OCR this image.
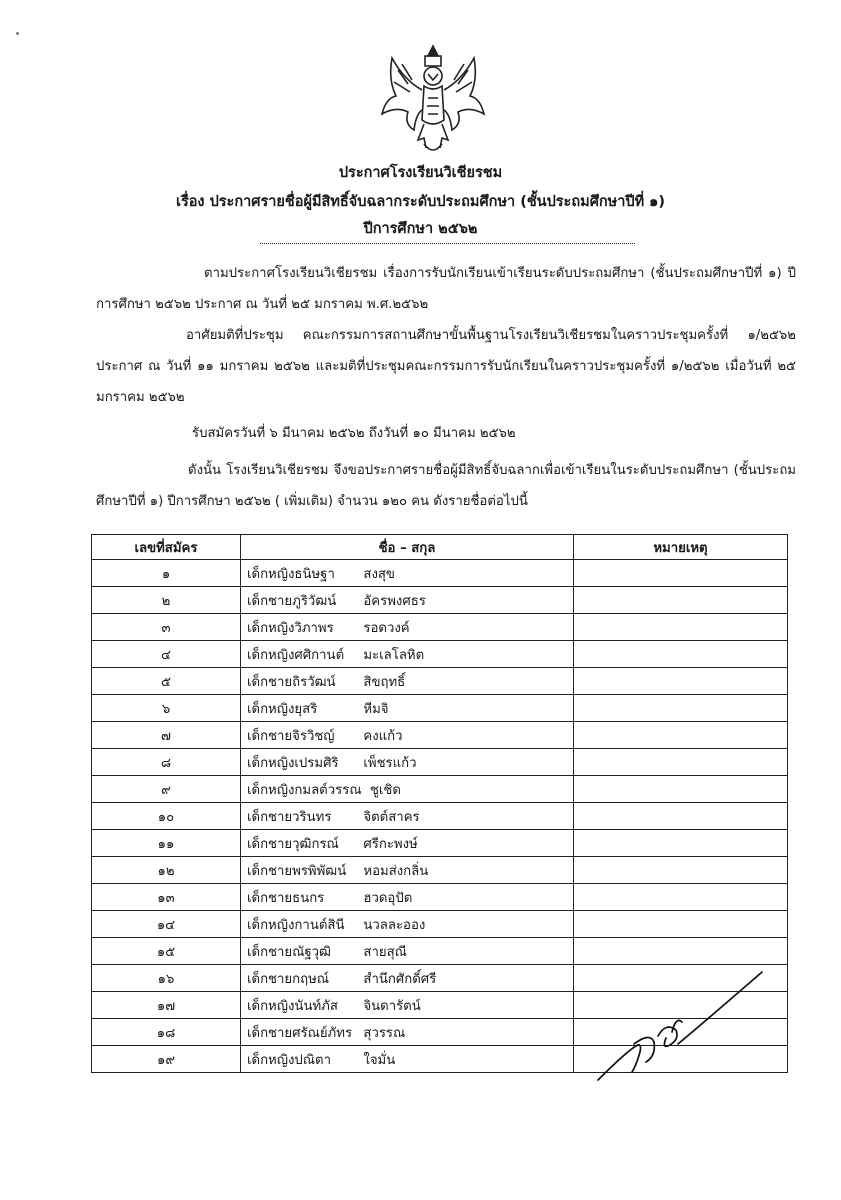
ประกาศโรงเรียนวิเชียรชม
เรื่อง ประกาศรายชื่อผู้มีสิทธิ์จับฉลากระดับประถมศึกษา (ชั้นประถมศึกษาปีที่ ๑)
ปีการศึกษา ๒๕๖๒
ตามประกาศโรงเรียนวิเชียรชม เรื่องการรับนักเรียนเข้าเรียนระดับประถมศึกษา (ชั้นประถมศึกษาปีที่ ๑) ปีการศึกษา ๒๕๖๒ ประกาศ ณ วันที่ ๒๕ มกราคม พ.ศ.๒๕๖๒
อาศัยมติที่ประชุม คณะกรรมการสถานศึกษาขั้นพื้นฐานโรงเรียนวิเชียรชมในคราวประชุมครั้งที่ ๑/๒๕๖๒ ประกาศ ณ วันที่ ๑๑ มกราคม ๒๕๖๒ และมติที่ประชุมคณะกรรมการรับนักเรียนในคราวประชุมครั้งที่ ๑/๒๕๖๒ เมื่อวันที่ ๒๕ มกราคม ๒๕๖๒
รับสมัครวันที่ ๖ มีนาคม ๒๕๖๒ ถึงวันที่ ๑๐ มีนาคม ๒๕๖๒
ดังนั้น โรงเรียนวิเชียรชม จึงขอประกาศรายชื่อผู้มีสิทธิ์จับฉลากเพื่อเข้าเรียนในระดับประถมศึกษา (ชั้นประถมศึกษาปีที่ ๑) ปีการศึกษา ๒๕๖๒ ( เพิ่มเติม) จำนวน ๑๒๐ คน ดังรายชื่อต่อไปนี้
เลขที่สมัคร	ชื่อ – สกุล	หมายเหตุ
๑	เด็กหญิงธนิษฐา สงสุข	
๒	เด็กชายภูริวัฒน์ อัครพงศธร	
๓	เด็กหญิงวิภาพร รอดวงค์	
๔	เด็กหญิงศศิกานต์ มะเลโลหิต	
๕	เด็กชายถิรวัฒน์ สิขฤทธิ์	
๖	เด็กหญิงยุสริ หีมจิ	
๗	เด็กชายจิรวิชญ์ คงแก้ว	
๘	เด็กหญิงเปรมศิริ เพ็ชรแก้ว	
๙	เด็กหญิงกมลต์วรรณ ชูเชิด	
๑๐	เด็กชายวรินทร จิตต์สาคร	
๑๑	เด็กชายวุฒิกรณ์ ศรีกะพงษ์	
๑๒	เด็กชายพรพิพัฒน์ หอมส่งกลิ่น	
๑๓	เด็กชายธนกร ฮวดอุปัต	
๑๔	เด็กหญิงกานต์สินี นวลละออง	
๑๕	เด็กชายณัฐวุฒิ สายสุณี	
๑๖	เด็กชายกฤษณ์ สำนึกศักดิ์ศรี	
๑๗	เด็กหญิงนันท์ภัส จินดารัตน์	
๑๘	เด็กชายศรัณย์ภัทร สุวรรณ	
๑๙	เด็กหญิงปณิตา ใจมั่น	
